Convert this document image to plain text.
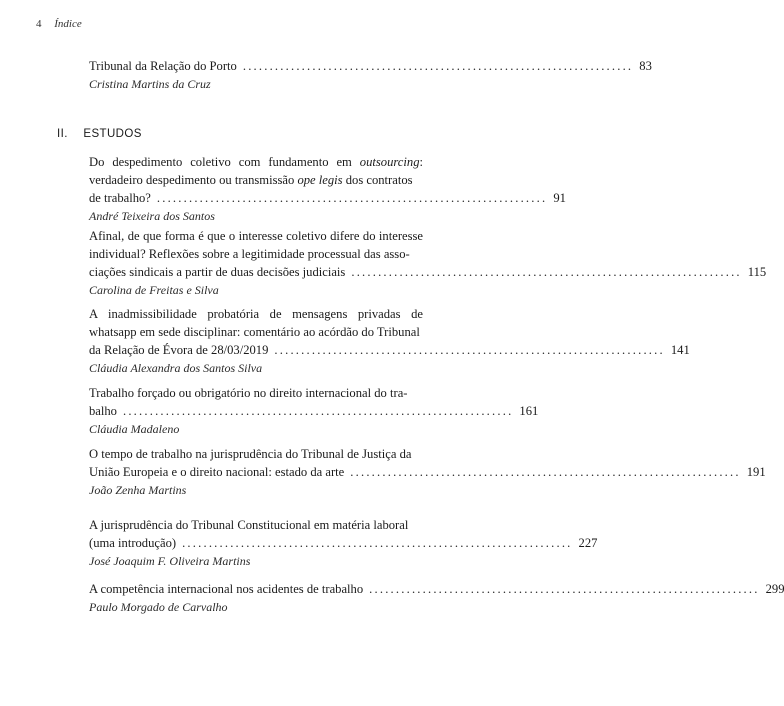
4 Índice
Tribunal da Relação do Porto ......................................................................... 83
Cristina Martins da Cruz
II. ESTUDOS

Do despedimento coletivo com fundamento em outsourcing: verdadeiro despedimento ou transmissão ope legis dos contratos

de trabalho? ......................................................................... 91
André Teixeira dos Santos

Afinal, de que forma é que o interesse coletivo difere do interesse individual? Reflexões sobre a legitimidade processual das asso-

ciações sindicais a partir de duas decisões judiciais ......................................................................... 115
Carolina de Freitas e Silva

A inadmissibilidade probatória de mensagens privadas de whatsapp em sede disciplinar: comentário ao acórdão do Tribunal

da Relação de Évora de 28/03/2019 ......................................................................... 141
Cláudia Alexandra dos Santos Silva

Trabalho forçado ou obrigatório no direito internacional do tra-

balho ......................................................................... 161
Cláudia Madaleno

O tempo de trabalho na jurisprudência do Tribunal de Justiça da

União Europeia e o direito nacional: estado da arte ......................................................................... 191
João Zenha Martins

A jurisprudência do Tribunal Constitucional em matéria laboral

(uma introdução) ......................................................................... 227
José Joaquim F. Oliveira Martins
A competência internacional nos acidentes de trabalho ......................................................................... 299
Paulo Morgado de Carvalho
